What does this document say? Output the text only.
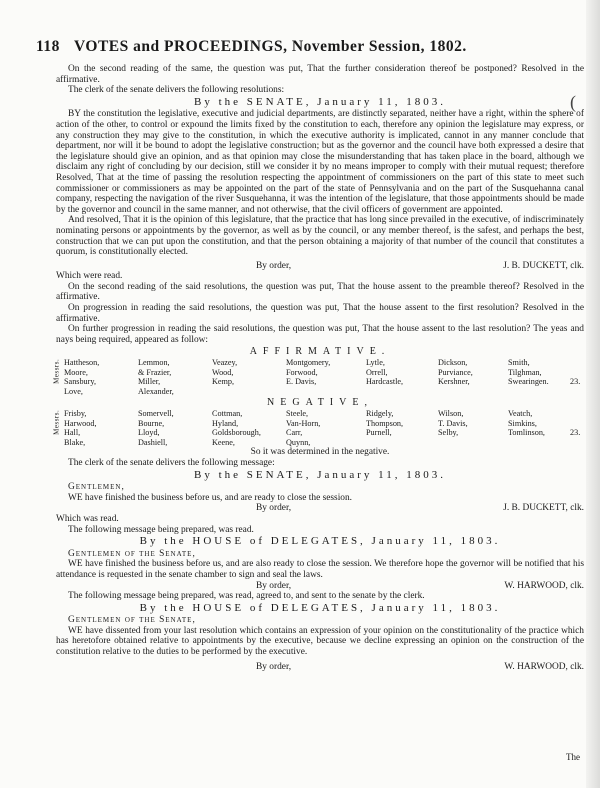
(
118 VOTES and PROCEEDINGS, November Session, 1802.

On the second reading of the same, the question was put, That the further consideration thereof be postponed? Resolved in the affirmative.

The clerk of the senate delivers the following resolutions:

By the SENATE, January 11, 1803.

BY the constitution the legislative, executive and judicial departments, are distinctly separated, neither have a right, within the sphere of action of the other, to control or expound the limits fixed by the constitution to each, therefore any opinion the legislature may express, or any construction they may give to the constitution, in which the executive authority is implicated, cannot in any manner conclude that department, nor will it be bound to adopt the legislative construction; but as the governor and the council have both expressed a desire that the legislature should give an opinion, and as that opinion may close the misunderstanding that has taken place in the board, although we disclaim any right of concluding by our decision, still we consider it by no means improper to comply with their mutual request; therefore Resolved, That at the time of passing the resolution respecting the appointment of commissioners on the part of this state to meet such commissioner or commissioners as may be appointed on the part of the state of Pennsylvania and on the part of the Susquehanna canal company, respecting the navigation of the river Susquehanna, it was the intention of the legislature, that those appointments should be made by the governor and council in the same manner, and not otherwise, that the civil officers of government are appointed.

And resolved, That it is the opinion of this legislature, that the practice that has long since prevailed in the executive, of indiscriminately nominating persons or appointments by the governor, as well as by the council, or any member thereof, is the safest, and perhaps the best, construction that we can put upon the constitution, and that the person obtaining a majority of that number of the council that constitutes a quorum, is constitutionally elected.

By order,	J. B. DUCKETT, clk.

Which were read.

On the second reading of the said resolutions, the question was put, That the house assent to the preamble thereof? Resolved in the affirmative.

On progression in reading the said resolutions, the question was put, That the house assent to the first resolution? Resolved in the affirmative.

On further progression in reading the said resolutions, the question was put, That the house assent to the last resolution? The yeas and nays being required, appeared as follow:

AFFIRMATIVE.
Messrs. Hattheson,	Lemmon,	Veazey,	Montgomery,	Lytle,	Dickson,	Smith,
Moore,	& Frazier,	Wood,	Forwood,	Orrell,	Purviance,	Tilghman,
Sansbury,	Miller,	Kemp,	E. Davis,	Hardcastle,	Kershner,	Swearingen.	23.
Love,	Alexander,
NEGATIVE,
Messrs. Frisby,	Somervell,	Cottman,	Steele,	Ridgely,	Wilson,	Veatch,
Harwood,	Bourne,	Hyland,	Van-Horn,	Thompson,	T. Davis,	Simkins,
Hall,	Lloyd,	Goldsborough,	Carr,	Purnell,	Selby,	Tomlinson,	23.
Blake,	Dashiell,	Keene,	Quynn,
So it was determined in the negative.

The clerk of the senate delivers the following message:

By the SENATE, January 11, 1803.

Gentlemen,

WE have finished the business before us, and are ready to close the session.

By order,	J. B. DUCKETT, clk.

Which was read.

The following message being prepared, was read.

By the HOUSE of DELEGATES, January 11, 1803.

Gentlemen of the Senate,

WE have finished the business before us, and are also ready to close the session. We therefore hope the governor will be notified that his attendance is requested in the senate chamber to sign and seal the laws.

By order,	W. HARWOOD, clk.

The following message being prepared, was read, agreed to, and sent to the senate by the clerk.

By the HOUSE of DELEGATES, January 11, 1803.

Gentlemen of the Senate,

WE have dissented from your last resolution which contains an expression of your opinion on the constitutionality of the practice which has heretofore obtained relative to appointments by the executive, because we decline expressing an opinion on the construction of the constitution relative to the duties to be performed by the executive.

By order,	W. HARWOOD, clk.
The
